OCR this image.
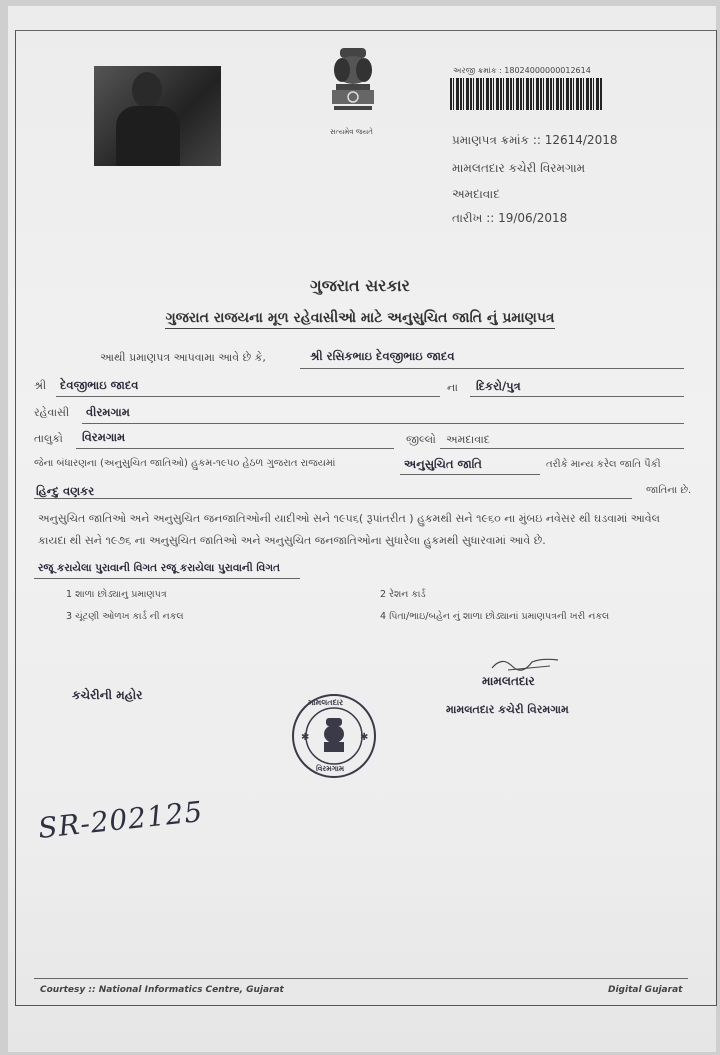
સત્યમેવ જયતે
અરજી ક્રમાંક : 18024000000012614
પ્રમાણપત્ર ક્રમાંક :: 12614/2018
મામલતદાર કચેરી વિરમગામ
અમદાવાદ
તારીખ :: 19/06/2018
ગુજરાત સરકાર
ગુજરાત રાજયના મૂળ રહેવાસીઓ માટે અનુસુચિત જાતિ નું પ્રમાણપત્ર
આથી પ્રમાણપત્ર આપવામા આવે છે કે,	શ્રી રસિકભાઇ દેવજીભાઇ જાદવ
શ્રી દેવજીભાઇ જાદવ	ના દિકરો/પુત્ર
રહેવાસી વીરમગામ
તાલુકો વિરમગામ	જીલ્લો અમદાવાદ
જેના બંધારણના (અનુસુચિત જાતિઓ) હુકમ-૧૯૫૦ હેઠળ ગુજરાત રાજયમાં	અનુસુચિત જાતિ	તરીકે માન્ય કરેલ જાતિ પૈકી
હિન્દુ વણકર	જાતિના છે.
અનુસુચિત જાતિઓ અને અનુસુચિત જનજાતિઓની યાદીઓ સને ૧૯૫૬( રૂપાંતરીત ) હુકમથી સને ૧૯૬૦ ના મુંબઇ નવેસર થી ઘડવામાં આવેલ કાયદા થી સને ૧૯૭૬ ના અનુસુચિત જાતિઓ અને અનુસુચિત જનજાતિઓના સુધારેલા હુકમથી સુધારવામાં આવે છે.
રજૂ કરાયેલા પુરાવાની વિગત રજૂ કરાયેલા પુરાવાની વિગત
1 શાળા છોડ્યાનુ પ્રમાણપત્ર	2 રેશન કાર્ડ
3 ચૂંટણી ઓળખ કાર્ડ ની નકલ	4 પિતા/ભાઇ/બહેન નું શાળા છોડ્યાનાં પ્રમાણપત્રની ખરી નકલ
મામલતદાર
મામલતદાર કચેરી વિરમગામ
કચેરીની મહોર
✱	✱
મામલતદાર
વિરમગામ
SR-202125
Courtesy :: National Informatics Centre, Gujarat	Digital Gujarat
